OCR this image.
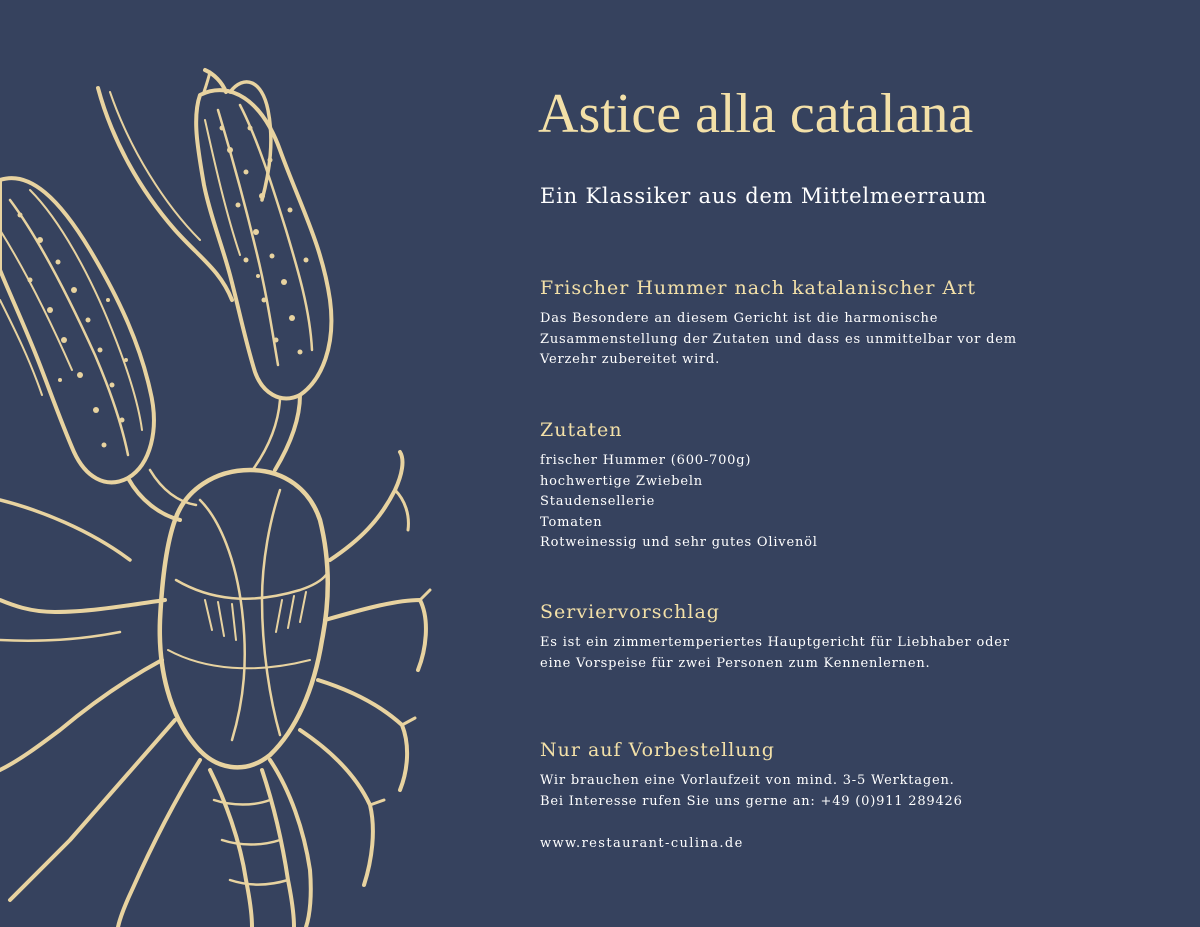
Astice alla catalana

Ein Klassiker aus dem Mittelmeerraum

Frischer Hummer nach katalanischer Art

Das Besondere an diesem Gericht ist die harmonische
Zusammenstellung der Zutaten und dass es unmittelbar vor dem
Verzehr zubereitet wird.

Zutaten
frischer Hummer (600-700g)
hochwertige Zwiebeln
Staudensellerie
Tomaten
Rotweinessig und sehr gutes Olivenöl
Serviervorschlag

Es ist ein zimmertemperiertes Hauptgericht für Liebhaber oder
eine Vorspeise für zwei Personen zum Kennenlernen.

Nur auf Vorbestellung

Wir brauchen eine Vorlaufzeit von mind. 3-5 Werktagen.
Bei Interesse rufen Sie uns gerne an: +49 (0)911 289426

www.restaurant-culina.de
